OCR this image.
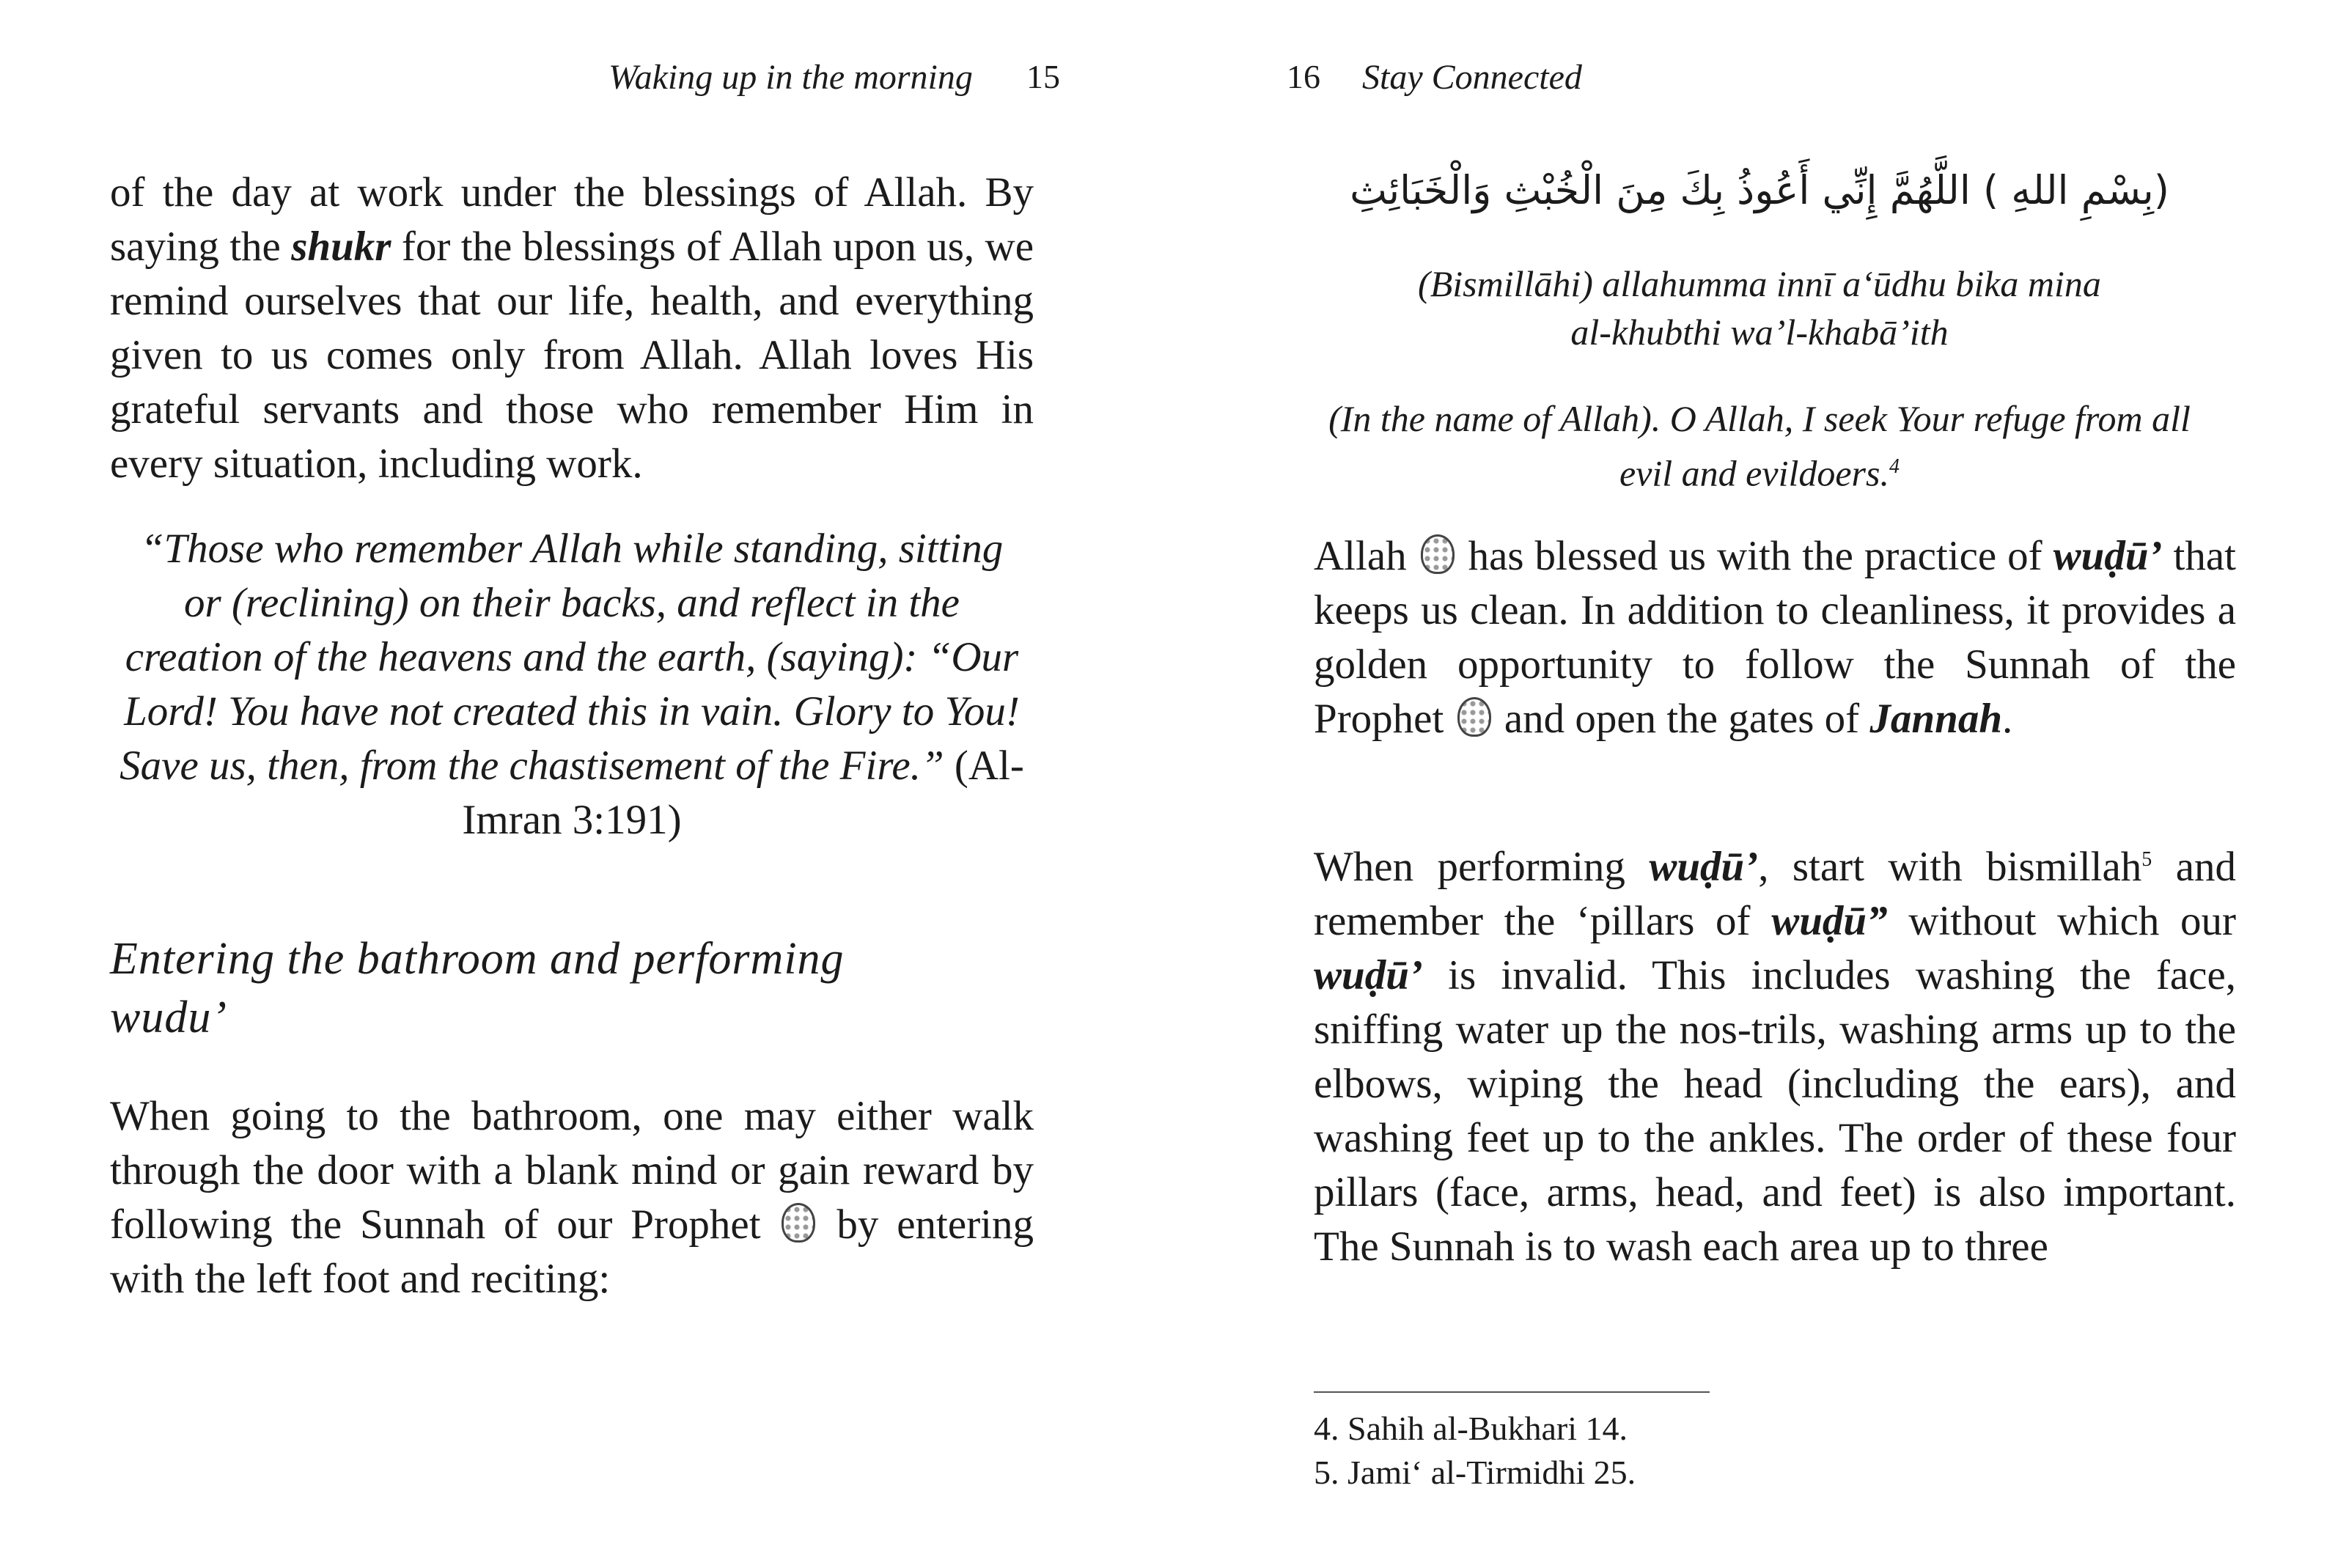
Waking up in the morning 15

of the day at work under the blessings of Allah. By saying the shukr for the blessings of Allah upon us, we remind ourselves that our life, health, and everything given to us comes only from Allah. Allah loves His grateful servants and those who remember Him in every situation, including work.

“Those who remember Allah while standing, sitting or (reclining) on their backs, and reflect in the creation of the heavens and the earth, (saying): “Our Lord! You have not created this in vain. Glory to You! Save us, then, from the chastisement of the Fire.” (Al-Imran 3:191)

Entering the bathroom and performing wudu’

When going to the bathroom, one may either walk through the door with a blank mind or gain reward by following the Sunnah of our Prophet by entering with the left foot and reciting:

16 Stay Connected
(بِسْمِ اللهِ ) اللَّهُمَّ إِنِّي أَعُوذُ بِكَ مِنَ الْخُبْثِ وَالْخَبَائِثِ

(Bismillāhi) allahumma innī a‘ūdhu bika mina
al-khubthi wa’l-khabā’ith

(In the name of Allah). O Allah, I seek Your refuge from all evil and evildoers.$^4$

Allah  has blessed us with the practice of wuḍū’ that keeps us clean. In addition to cleanliness, it provides a golden opportunity to follow the Sunnah of the Prophet  and open the gates of Jannah.

When performing wuḍū’, start with bismillah$^5$ and remember the ‘pillars of wuḍū” without which our wuḍū’ is invalid. This includes washing the face, sniffing water up the nos-trils, washing arms up to the elbows, wiping the head (including the ears), and washing feet up to the ankles. The order of these four pillars (face, arms, head, and feet) is also important. The Sunnah is to wash each area up to three

4. Sahih al-Bukhari 14.
5. Jami‘ al-Tirmidhi 25.
